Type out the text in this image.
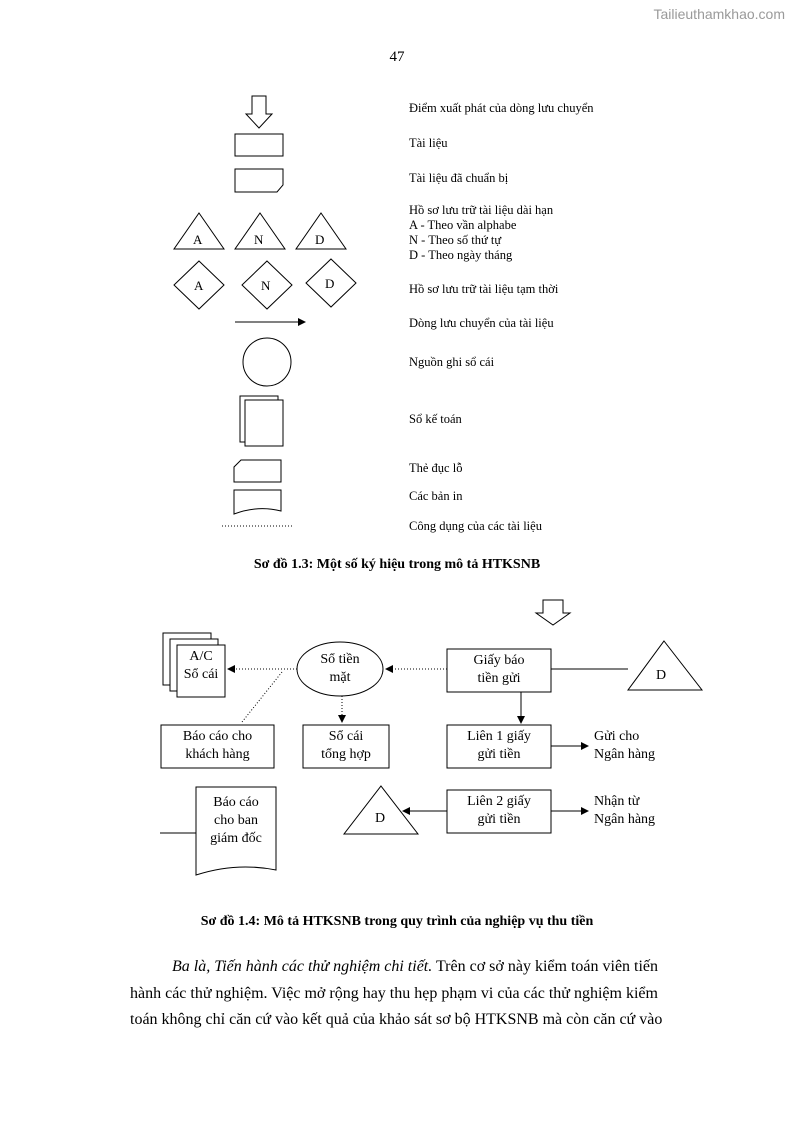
Tailieuthamkhao.com
47
A	N	D
A	N	D
Điểm xuất phát của dòng lưu chuyển
Tài liệu
Tài liệu đã chuẩn bị
Hồ sơ lưu trữ tài liệu dài hạn
A - Theo vần alphabe
N - Theo số thứ tự
D - Theo ngày tháng
Hồ sơ lưu trữ tài liệu tạm thời
Dòng lưu chuyển của tài liệu
Nguồn ghi sổ cái
Sổ kế toán
Thẻ đục lỗ
Các bản in
Công dụng của các tài liệu
Sơ đồ 1.3: Một số ký hiệu trong mô tả HTKSNB
A/C
Sổ cái
Sổ tiền
mặt
Giấy báo
tiền gửi	D
Báo cáo cho
khách hàng
Sổ cái
tổng hợp
Liên 1 giấy
gửi tiền
Gửi cho
Ngân hàng
Liên 2 giấy
gửi tiền
Nhận từ
Ngân hàng
D
Báo cáo
cho ban
giám đốc
Sơ đồ 1.4: Mô tả HTKSNB trong quy trình của nghiệp vụ thu tiền
Ba là, Tiến hành các thử nghiệm chi tiết. Trên cơ sở này kiểm toán viên tiến
hành các thử nghiệm. Việc mở rộng hay thu hẹp phạm vi của các thử nghiệm kiểm
toán không chỉ căn cứ vào kết quả của khảo sát sơ bộ HTKSNB mà còn căn cứ vào
